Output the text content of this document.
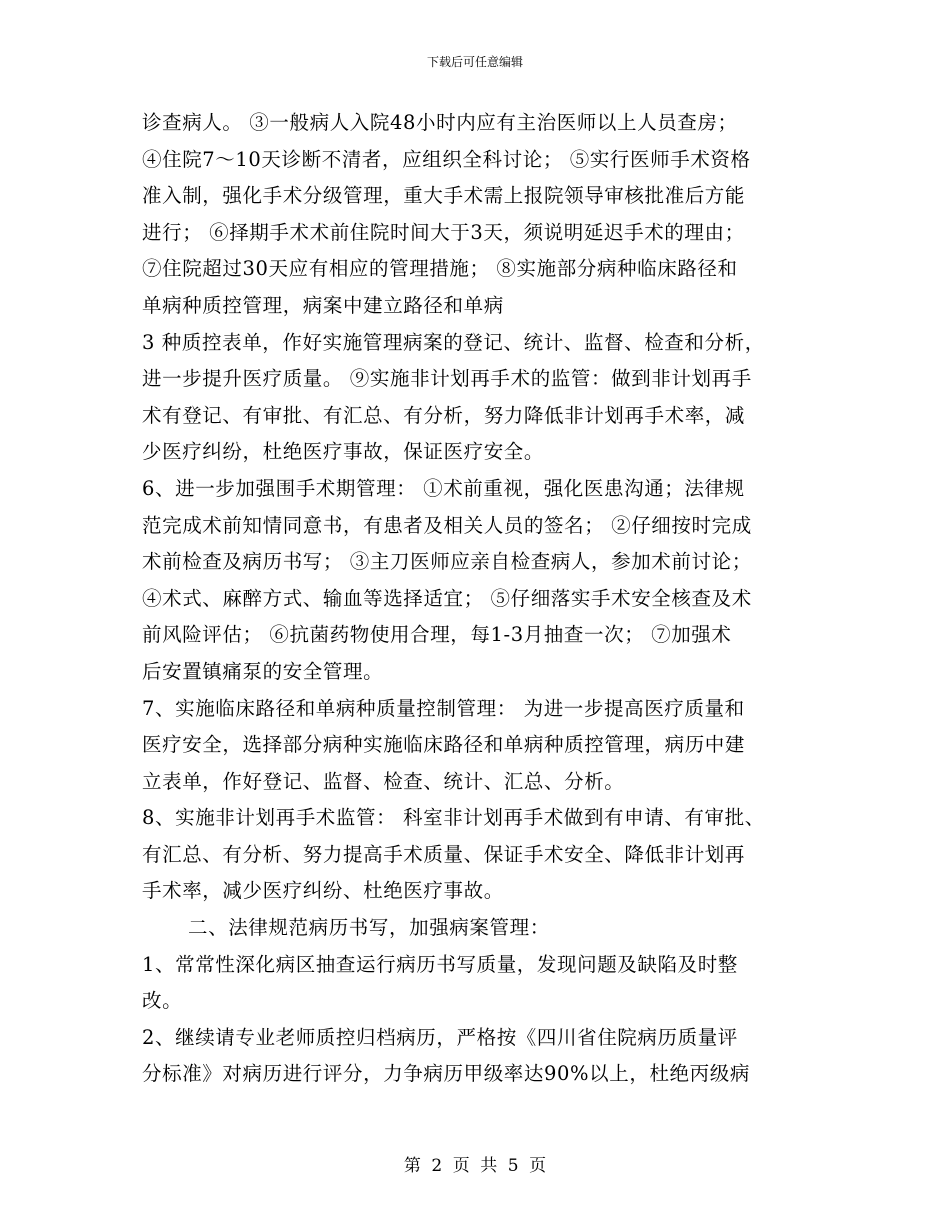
下载后可任意编辑
诊查病人。 ③一般病人入院48小时内应有主治医师以上人员查房；
④住院7～10天诊断不清者，应组织全科讨论； ⑤实行医师手术资格
准入制，强化手术分级管理，重大手术需上报院领导审核批准后方能
进行； ⑥择期手术术前住院时间大于3天，须说明延迟手术的理由；
⑦住院超过30天应有相应的管理措施； ⑧实施部分病种临床路径和
单病种质控管理，病案中建立路径和单病
3 种质控表单，作好实施管理病案的登记、统计、监督、检查和分析，
进一步提升医疗质量。 ⑨实施非计划再手术的监管：做到非计划再手
术有登记、有审批、有汇总、有分析，努力降低非计划再手术率，减
少医疗纠纷，杜绝医疗事故，保证医疗安全。
6、进一步加强围手术期管理： ①术前重视，强化医患沟通；法律规
范完成术前知情同意书，有患者及相关人员的签名； ②仔细按时完成
术前检查及病历书写； ③主刀医师应亲自检查病人，参加术前讨论；
④术式、麻醉方式、输血等选择适宜； ⑤仔细落实手术安全核查及术
前风险评估； ⑥抗菌药物使用合理，每1-3月抽查一次； ⑦加强术
后安置镇痛泵的安全管理。
7、实施临床路径和单病种质量控制管理： 为进一步提高医疗质量和
医疗安全，选择部分病种实施临床路径和单病种质控管理，病历中建
立表单，作好登记、监督、检查、统计、汇总、分析。
8、实施非计划再手术监管： 科室非计划再手术做到有申请、有审批、
有汇总、有分析、努力提高手术质量、保证手术安全、降低非计划再
手术率，减少医疗纠纷、杜绝医疗事故。
二、法律规范病历书写，加强病案管理：
1、常常性深化病区抽查运行病历书写质量，发现问题及缺陷及时整
改。
2、继续请专业老师质控归档病历，严格按《四川省住院病历质量评
分标准》对病历进行评分，力争病历甲级率达90%以上，杜绝丙级病
第 2 页 共 5 页
